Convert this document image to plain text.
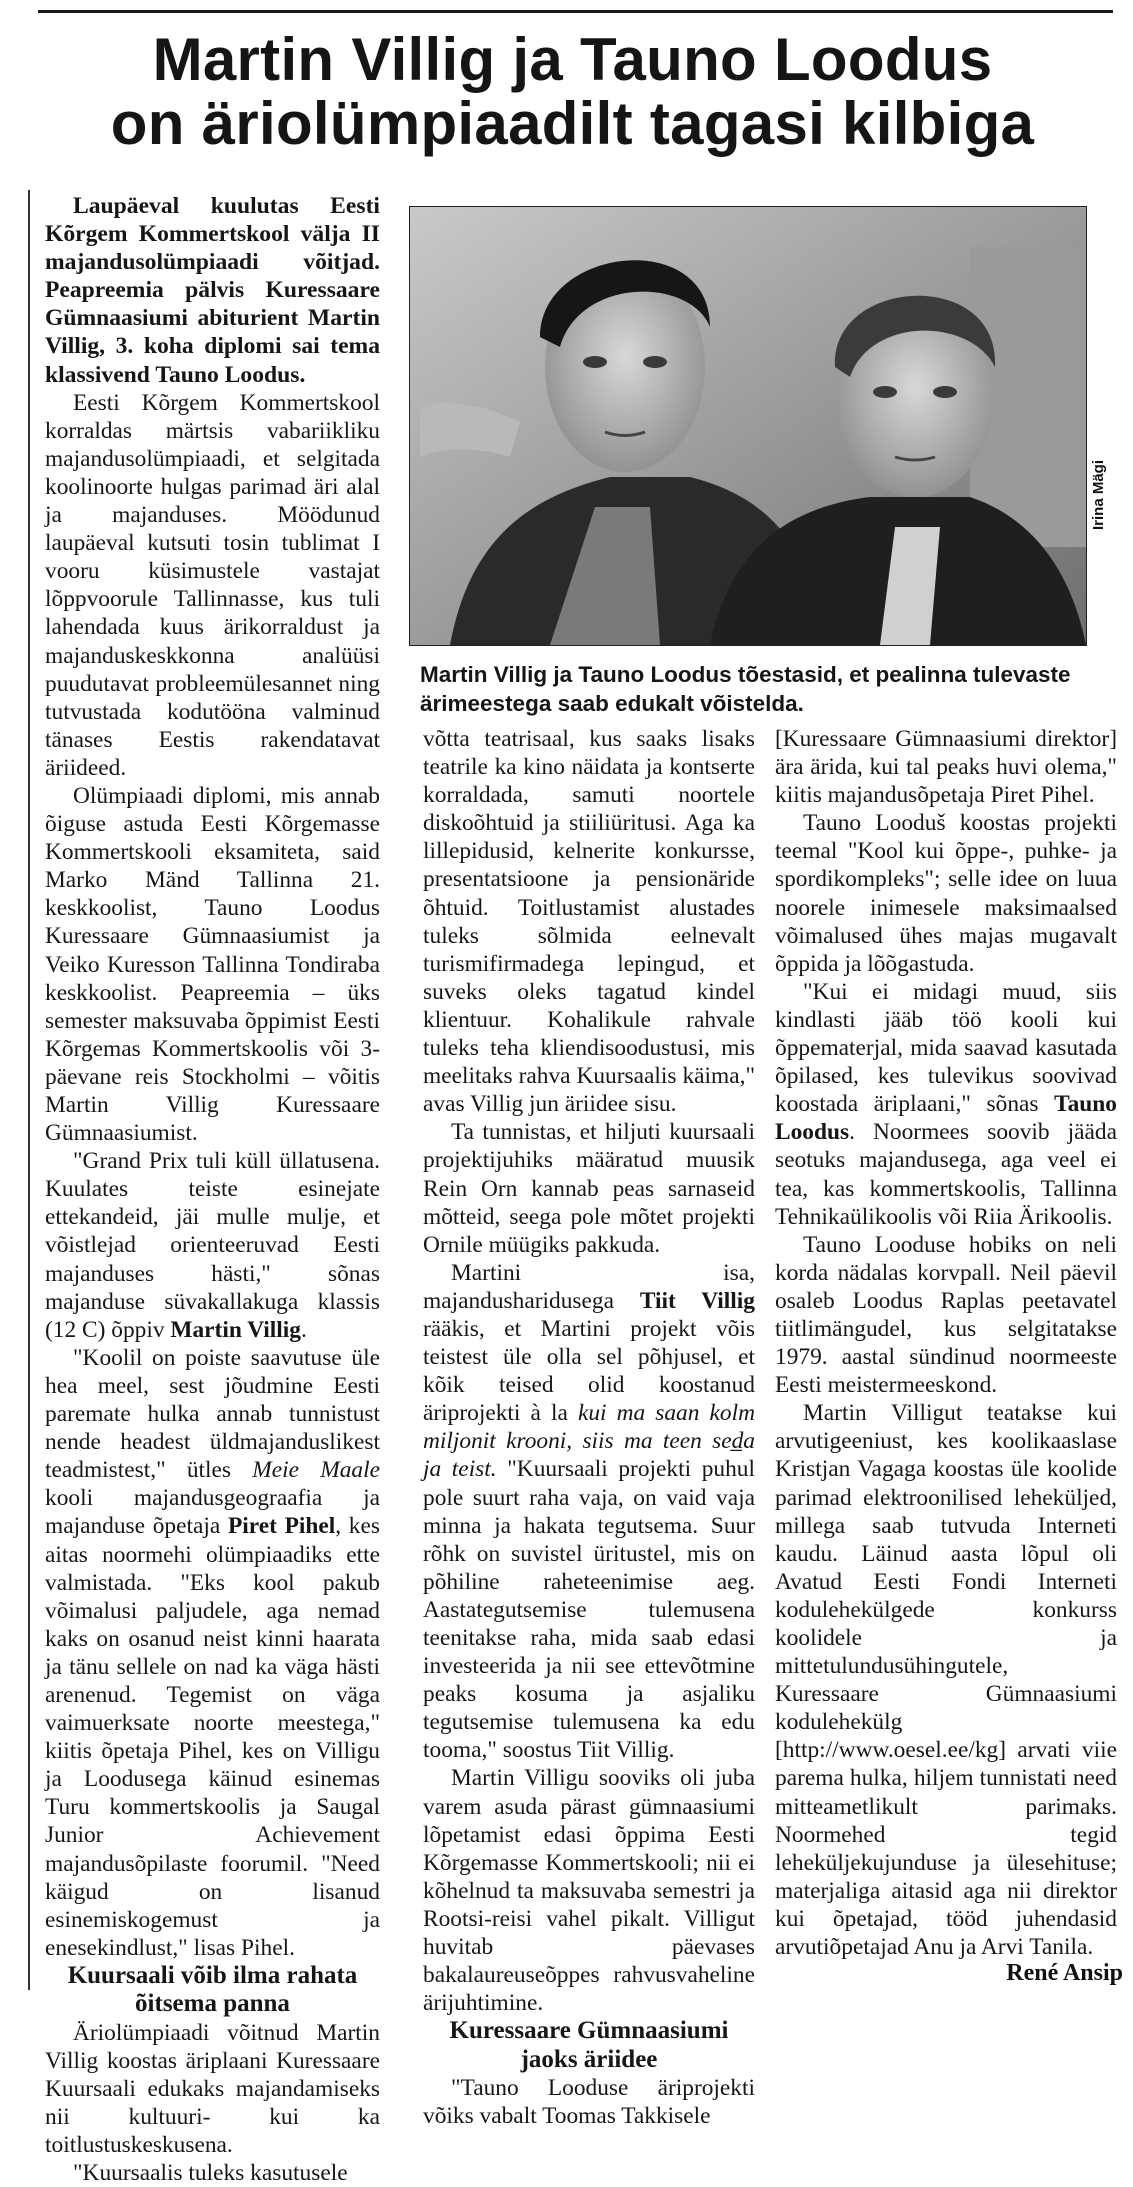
Martin Villig ja Tauno Loodus
on äriolümpiaadilt tagasi kilbiga

Laupäeval kuulutas Eesti Kõrgem Kommertskool välja II majandusolümpiaadi võitjad. Peapreemia pälvis Kuressaare Gümnaasiumi abiturient Martin Villig, 3. koha diplomi sai tema klassivend Tauno Loodus.

Eesti Kõrgem Kommertskool korraldas märtsis vabariikliku majandusolümpiaadi, et selgitada koolinoorte hulgas parimad äri alal ja majanduses. Möödunud laupäeval kutsuti tosin tublimat I vooru küsimustele vastajat lõppvoorule Tallinnasse, kus tuli lahendada kuus ärikorraldust ja majanduskeskkonna analüüsi puudutavat probleemülesannet ning tutvustada kodutööna valminud tänases Eestis rakendatavat äriideed.

Olümpiaadi diplomi, mis annab õiguse astuda Eesti Kõrgemasse Kommertskooli eksamiteta, said Marko Mänd Tallinna 21. keskkoolist, Tauno Loodus Kuressaare Gümnaasiumist ja Veiko Kuresson Tallinna Tondiraba keskkoolist. Peapreemia – üks semester maksuvaba õppimist Eesti Kõrgemas Kommertskoolis või 3-päevane reis Stockholmi – võitis Martin Villig Kuressaare Gümnaasiumist.

"Grand Prix tuli küll üllatusena. Kuulates teiste esinejate ettekandeid, jäi mulle mulje, et võistlejad orienteeruvad Eesti majanduses hästi," sõnas majanduse süvakallakuga klassis (12 C) õppiv Martin Villig.

"Koolil on poiste saavutuse üle hea meel, sest jõudmine Eesti paremate hulka annab tunnistust nende headest üldmajanduslikest teadmistest," ütles Meie Maale kooli majandusgeograafia ja majanduse õpetaja Piret Pihel, kes aitas noormehi olümpiaadiks ette valmistada. "Eks kool pakub võimalusi paljudele, aga nemad kaks on osanud neist kinni haarata ja tänu sellele on nad ka väga hästi arenenud. Tegemist on väga vaimuerksate noorte meestega," kiitis õpetaja Pihel, kes on Villigu ja Loodusega käinud esinemas Turu kommertskoolis ja Saugal Junior Achievement majandusõpilaste foorumil. "Need käigud on lisanud esinemiskogemust ja enesekindlust," lisas Pihel.

Kuursaali võib ilma rahata õitsema panna

Äriolümpiaadi võitnud Martin Villig koostas äriplaani Kuressaare Kuursaali edukaks majandamiseks nii kultuuri- kui ka toitlustuskeskusena.

"Kuursaalis tuleks kasutusele

Irina Mägi

Martin Villig ja Tauno Loodus tõestasid, et pealinna tulevaste ärimeestega saab edukalt võistelda.

võtta teatrisaal, kus saaks lisaks teatrile ka kino näidata ja kontserte korraldada, samuti noortele diskoõhtuid ja stiiliüritusi. Aga ka lillepidusid, kelnerite konkursse, presentatsioone ja pensionäride õhtuid. Toitlustamist alustades tuleks sõlmida eelnevalt turismifirmadega lepingud, et suveks oleks tagatud kindel klientuur. Kohalikule rahvale tuleks teha kliendisoodustusi, mis meelitaks rahva Kuursaalis käima," avas Villig jun äriidee sisu.

Ta tunnistas, et hiljuti kuursaali projektijuhiks määratud muusik Rein Orn kannab peas sarnaseid mõtteid, seega pole mõtet projekti Ornile müügiks pakkuda.

Martini isa, majandusharidusega Tiit Villig rääkis, et Martini projekt võis teistest üle olla sel põhjusel, et kõik teised olid koostanud äriprojekti à la kui ma saan kolm miljonit krooni, siis ma teen sed̲a ja teist. "Kuursaali projekti puhul pole suurt raha vaja, on vaid vaja minna ja hakata tegutsema. Suur rõhk on suvistel üritustel, mis on põhiline raheteenimise aeg. Aastategutsemise tulemusena teenitakse raha, mida saab edasi investeerida ja nii see ettevõtmine peaks kosuma ja asjaliku tegutsemise tulemusena ka edu tooma," soostus Tiit Villig.

Martin Villigu sooviks oli juba varem asuda pärast gümnaasiumi lõpetamist edasi õppima Eesti Kõrgemasse Kommertskooli; nii ei kõhelnud ta maksuvaba semestri ja Rootsi-reisi vahel pikalt. Villigut huvitab päevases bakalaureuseõppes rahvusvaheline ärijuhtimine.

Kuressaare Gümnaasiumi jaoks äriidee

"Tauno Looduse äriprojekti võiks vabalt Toomas Takkisele

[Kuressaare Gümnaasiumi direktor] ära ärida, kui tal peaks huvi olema," kiitis majandusõpetaja Piret Pihel.

Tauno Looduš koostas projekti teemal "Kool kui õppe-, puhke- ja spordikompleks"; selle idee on luua noorele inimesele maksimaalsed võimalused ühes majas mugavalt õppida ja lõõgastuda.

"Kui ei midagi muud, siis kindlasti jääb töö kooli kui õppematerjal, mida saavad kasutada õpilased, kes tulevikus soovivad koostada äriplaani," sõnas Tauno Loodus. Noormees soovib jääda seotuks majandusega, aga veel ei tea, kas kommertskoolis, Tallinna Tehnikaülikoolis või Riia Ärikoolis.

Tauno Looduse hobiks on neli korda nädalas korvpall. Neil päevil osaleb Loodus Raplas peetavatel tiitlimängudel, kus selgitatakse 1979. aastal sündinud noormeeste Eesti meistermeeskond.

Martin Villigut teatakse kui arvutigeeniust, kes koolikaaslase Kristjan Vagaga koostas üle koolide parimad elektroonilised leheküljed, millega saab tutvuda Interneti kaudu. Läinud aasta lõpul oli Avatud Eesti Fondi Interneti kodulehekülgede konkurss koolidele ja mittetulundusühingutele, Kuressaare Gümnaasiumi kodulehekülg [http://www.oesel.ee/kg] arvati viie parema hulka, hiljem tunnistati need mitteametlikult parimaks. Noormehed tegid leheküljekujunduse ja ülesehituse; materjaliga aitasid aga nii direktor kui õpetajad, tööd juhendasid arvutiõpetajad Anu ja Arvi Tanila.

René Ansip
